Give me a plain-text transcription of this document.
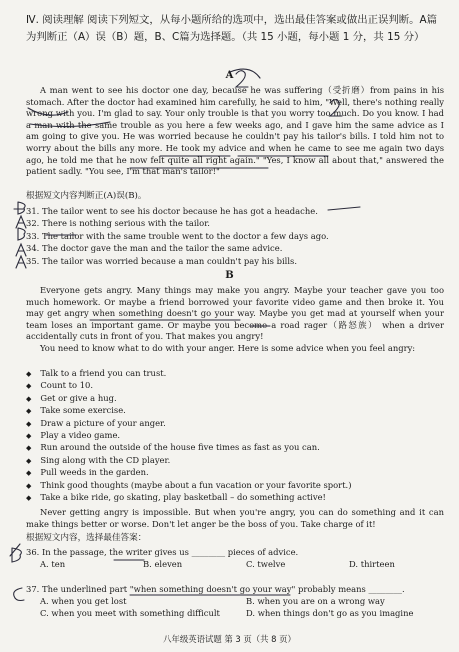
Ⅳ. 阅读理解 阅读下列短文，从每小题所给的选项中，选出最佳答案或做出正误判断。A篇为判断正（A）误（B）题，B、C篇为选择题。（共 15 小题，每小题 1 分，共 15 分）
A

A man went to see his doctor one day, because he was suffering（受折磨）from pains in his stomach. After the doctor had examined him carefully, he said to him, "Well, there's nothing really wrong with you. I'm glad to say. Your only trouble is that you worry too much. Do you know. I had a man with the same trouble as you here a few weeks ago, and I gave him the same advice as I am going to give you. He was worried because he couldn't pay his tailor's bills. I told him not to worry about the bills any more. He took my advice and when he came to see me again two days ago, he told me that he now felt quite all right again." "Yes, I know all about that," answered the patient sadly. "You see, I'm that man's tailor!"

根据短文内容判断正(A)误(B)。
31. The tailor went to see his doctor because he has got a headache.
32. There is nothing serious with the tailor.
33. The tailor with the same trouble went to the doctor a few days ago.
34. The doctor gave the man and the tailor the same advice.
35. The tailor was worried because a man couldn't pay his bills.
B

Everyone gets angry. Many things may make you angry. Maybe your teacher gave you too much homework. Or maybe a friend borrowed your favorite video game and then broke it. You may get angry when something doesn't go your way. Maybe you get mad at yourself when your team loses an important game. Or maybe you become a road rager（路怒族） when a driver accidentally cuts in front of you. That makes you angry!

You need to know what to do with your anger. Here is some advice when you feel angry:

◆ Talk to a friend you can trust.
◆ Count to 10.
◆ Get or give a hug.
◆ Take some exercise.
◆ Draw a picture of your anger.
◆ Play a video game.
◆ Run around the outside of the house five times as fast as you can.
◆ Sing along with the CD player.
◆ Pull weeds in the garden.
◆ Think good thoughts (maybe about a fun vacation or your favorite sport.)
◆ Take a bike ride, go skating, play basketball – do something active!

Never getting angry is impossible. But when you're angry, you can do something and it can make things better or worse. Don't let anger be the boss of you. Take charge of it!

根据短文内容，选择最佳答案：
36. In the passage, the writer gives us ________ pieces of advice.
A. ten	B. eleven	C. twelve	D. thirteen
37. The underlined part "when something doesn't go your way" probably means ________.
A. when you get lost	B. when you are on a wrong way
C. when you meet with something difficult	D. when things don't go as you imagine
八年级英语试题 第 3 页（共 8 页）
